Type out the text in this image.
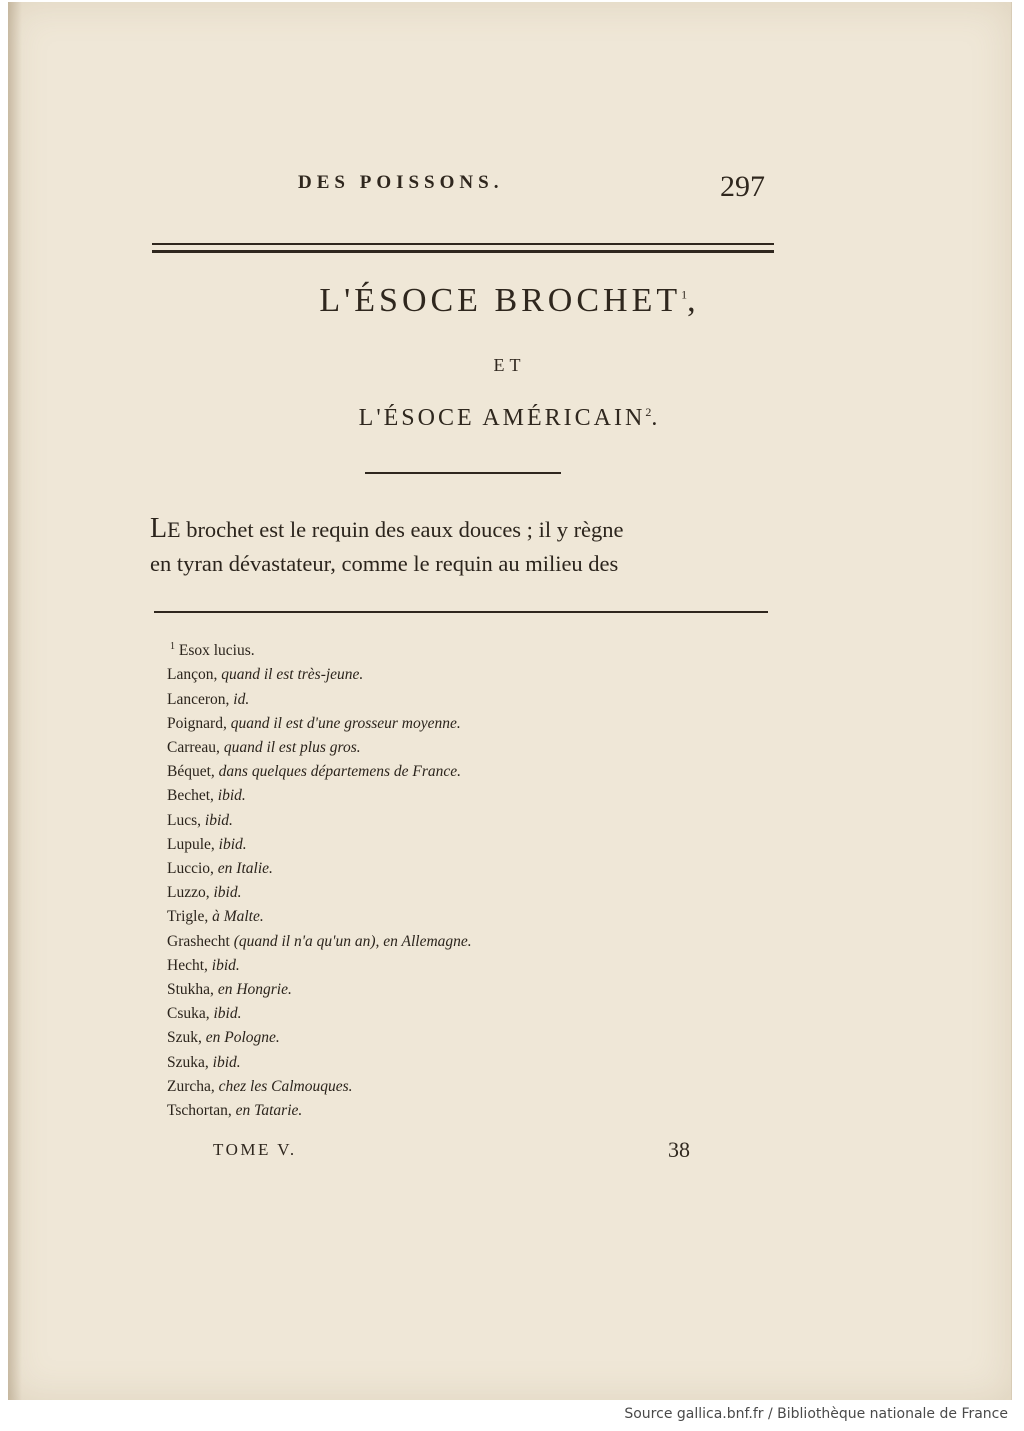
DES POISSONS.	297
L'ÉSOCE BROCHET$^1$,
ET
L'ÉSOCE AMÉRICAIN$^2$.
LE brochet est le requin des eaux douces ; il y règne
en tyran dévastateur, comme le requin au milieu des
$^1$ Esox lucius.
Lançon, quand il est très-jeune.
Lanceron, id.
Poignard, quand il est d'une grosseur moyenne.
Carreau, quand il est plus gros.
Béquet, dans quelques départemens de France.
Bechet, ibid.
Lucs, ibid.
Lupule, ibid.
Luccio, en Italie.
Luzzo, ibid.
Trigle, à Malte.
Grashecht (quand il n'a qu'un an), en Allemagne.
Hecht, ibid.
Stukha, en Hongrie.
Csuka, ibid.
Szuk, en Pologne.
Szuka, ibid.
Zurcha, chez les Calmouques.
Tschortan, en Tatarie.
TOME V.	38
Source gallica.bnf.fr / Bibliothèque nationale de France
